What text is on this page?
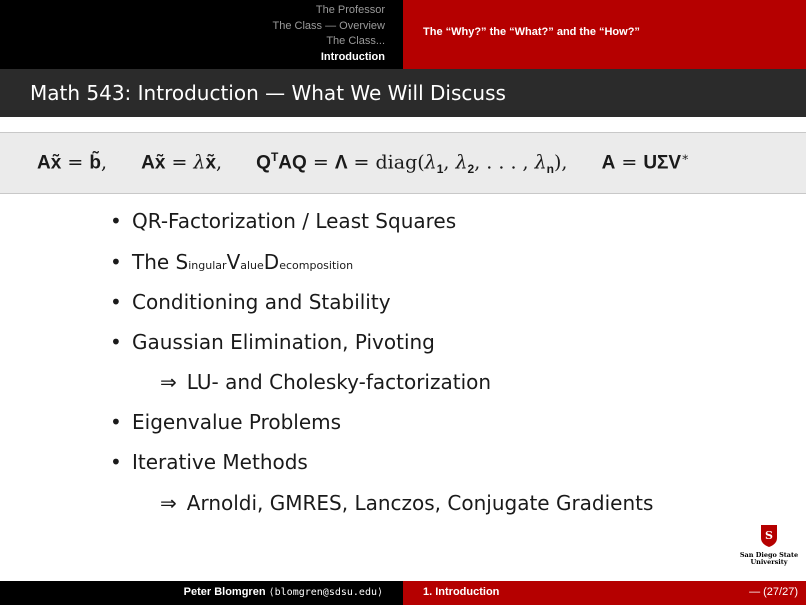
The Professor
The Class — Overview
The Class...
Introduction
The “Why?” the “What?” and the “How?”
Math 543: Introduction — What We Will Discuss
Ax̃ = b̃, Ax̃ = λx̃, $Q^TAQ = \Lambda$ = $diag(\lambda_1$, $\lambda_2$, . . . , $\lambda_n$), A = UΣV∗
• QR-Factorization / Least Squares
• The SingularValueDecomposition
• Conditioning and Stability
• Gaussian Elimination, Pivoting
⇒ LU- and Cholesky-factorization
• Eigenvalue Problems
• Iterative Methods
⇒ Arnoldi, GMRES, Lanczos, Conjugate Gradients
S
San Diego State
University
Peter Blomgren ⟨blomgren@sdsu.edu⟩	1. Introduction	— (27/27)
